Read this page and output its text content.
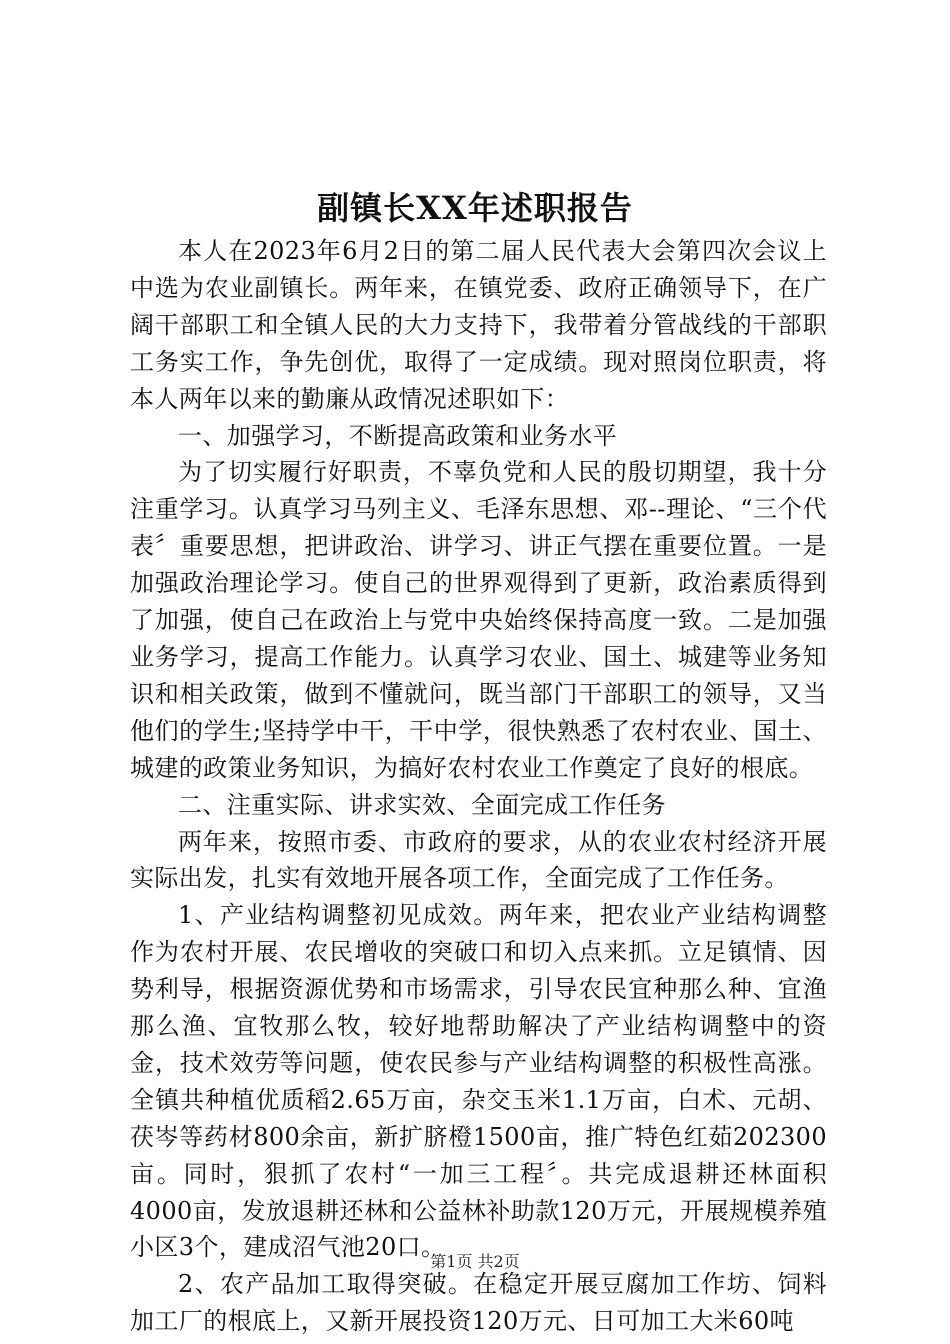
副镇长XX年述职报告

本人在2023年6月2日的第二届人民代表大会第四次会议上中选为农业副镇长。两年来，在镇党委、政府正确领导下，在广阔干部职工和全镇人民的大力支持下，我带着分管战线的干部职工务实工作，争先创优，取得了一定成绩。现对照岗位职责，将本人两年以来的勤廉从政情况述职如下：

一、加强学习，不断提高政策和业务水平

为了切实履行好职责，不辜负党和人民的殷切期望，我十分注重学习。认真学习马列主义、毛泽东思想、邓--理论、“三个代表〞重要思想，把讲政治、讲学习、讲正气摆在重要位置。一是加强政治理论学习。使自己的世界观得到了更新，政治素质得到了加强，使自己在政治上与党中央始终保持高度一致。二是加强业务学习，提高工作能力。认真学习农业、国土、城建等业务知识和相关政策，做到不懂就问，既当部门干部职工的领导，又当他们的学生;坚持学中干，干中学，很快熟悉了农村农业、国土、城建的政策业务知识，为搞好农村农业工作奠定了良好的根底。

二、注重实际、讲求实效、全面完成工作任务

两年来，按照市委、市政府的要求，从的农业农村经济开展实际出发，扎实有效地开展各项工作，全面完成了工作任务。

1、产业结构调整初见成效。两年来，把农业产业结构调整作为农村开展、农民增收的突破口和切入点来抓。立足镇情、因势利导，根据资源优势和市场需求，引导农民宜种那么种、宜渔那么渔、宜牧那么牧，较好地帮助解决了产业结构调整中的资金，技术效劳等问题，使农民参与产业结构调整的积极性高涨。全镇共种植优质稻2.65万亩，杂交玉米1.1万亩，白术、元胡、茯岑等药材800余亩，新扩脐橙1500亩，推广特色红茹202300亩。同时，狠抓了农村“一加三工程〞。共完成退耕还林面积4000亩，发放退耕还林和公益林补助款120万元，开展规模养殖小区3个，建成沼气池20口。

2、农产品加工取得突破。在稳定开展豆腐加工作坊、饲料加工厂的根底上，又新开展投资120万元、日可加工大米60吨

第1页 共2页
